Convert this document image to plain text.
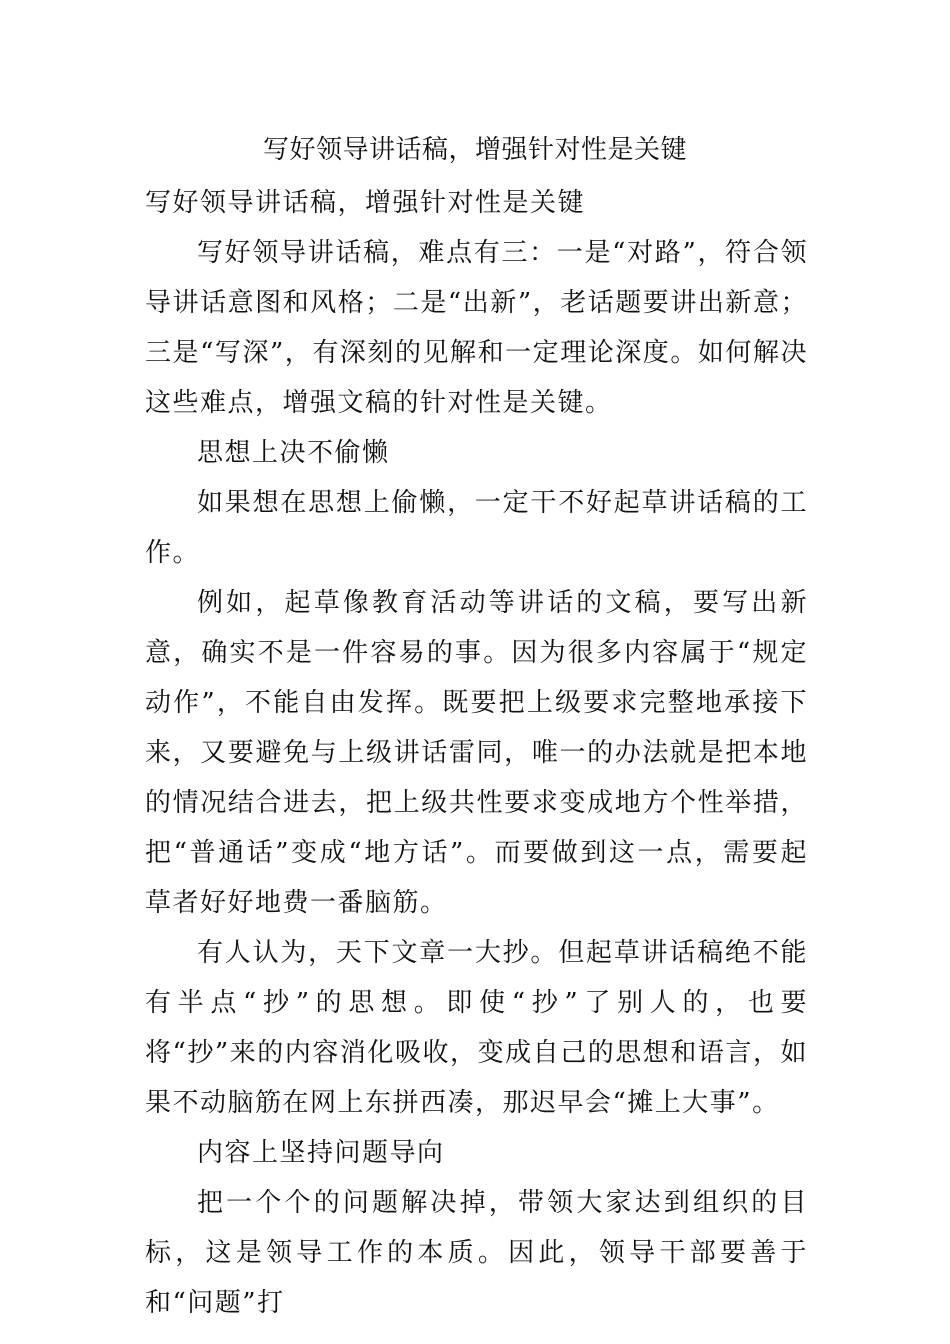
写好领导讲话稿，增强针对性是关键

写好领导讲话稿，增强针对性是关键

写好领导讲话稿，难点有三：一是“对路”，符合领导讲话意图和风格；二是“出新”，老话题要讲出新意；三是“写深”，有深刻的见解和一定理论深度。如何解决这些难点，增强文稿的针对性是关键。

思想上决不偷懒

如果想在思想上偷懒，一定干不好起草讲话稿的工作。

例如，起草像教育活动等讲话的文稿，要写出新意，确实不是一件容易的事。因为很多内容属于“规定动作”，不能自由发挥。既要把上级要求完整地承接下来，又要避免与上级讲话雷同，唯一的办法就是把本地的情况结合进去，把上级共性要求变成地方个性举措，把“普通话”变成“地方话”。而要做到这一点，需要起草者好好地费一番脑筋。

有人认为，天下文章一大抄。但起草讲话稿绝不能有半点“抄”的思想。即使“抄”了别人的，也要将“抄”来的内容消化吸收，变成自己的思想和语言，如果不动脑筋在网上东拼西凑，那迟早会“摊上大事”。

内容上坚持问题导向

把一个个的问题解决掉，带领大家达到组织的目标，这是领导工作的本质。因此，领导干部要善于和“问题”打
